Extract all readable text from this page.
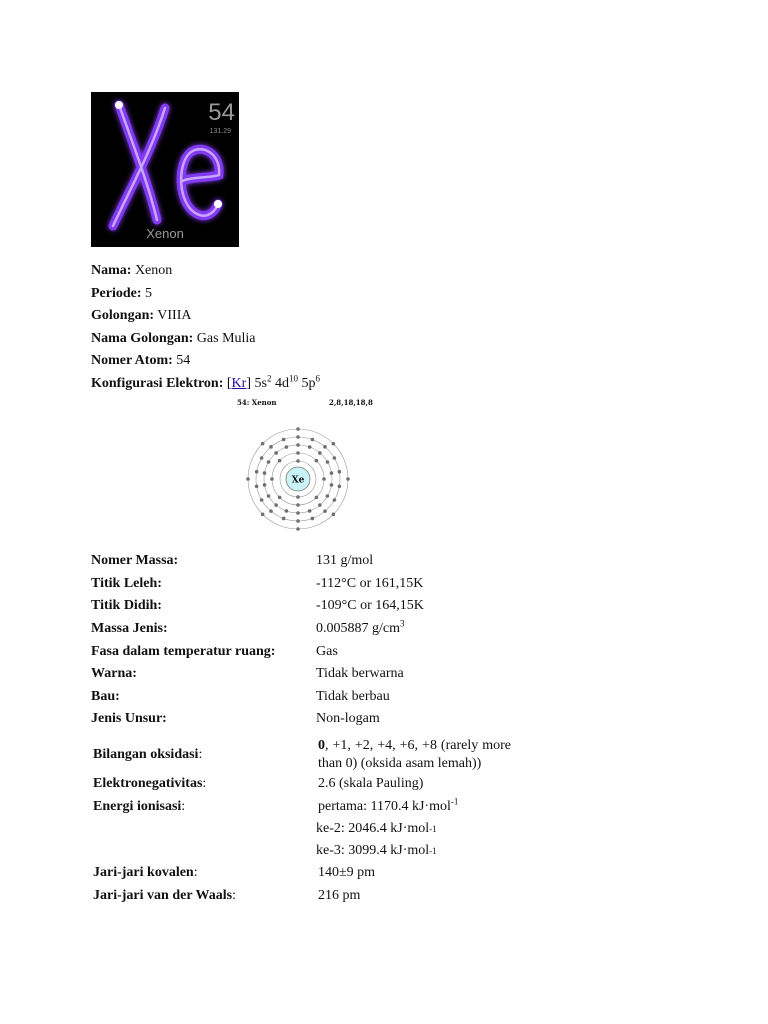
54
131.29
Xenon
Nama: Xenon
Periode: 5
Golongan: VIIIA
Nama Golongan: Gas Mulia
Nomer Atom: 54
Konfigurasi Elektron: [Kr] $5s^2$ $4d^{10}$ $5p^6$
54: Xenon	2,8,18,18,8
Xe
Nomer Massa:	131 g/mol
Titik Leleh:	-112°C or 161,15K
Titik Didih:	-109°C or 164,15K
Massa Jenis:	0.005887 $g/cm^3$
Fasa dalam temperatur ruang:	Gas
Warna:	Tidak berwarna
Bau:	Tidak berbau
Jenis Unsur:	Non-logam
Bilangan oksidasi:
0, +1, +2, +4, +6, +8 (rarely more than 0) (oksida asam lemah))
Elektronegativitas:	2.6 (skala Pauling)
Energi ionisasi:	pertama: 1170.4 kJ·mol$^{-1}$
ke-2: 2046.4 kJ·mol -1
ke-3: 3099.4 kJ·mol -1
Jari-jari kovalen:	140±9 pm
Jari-jari van der Waals:	216 pm
